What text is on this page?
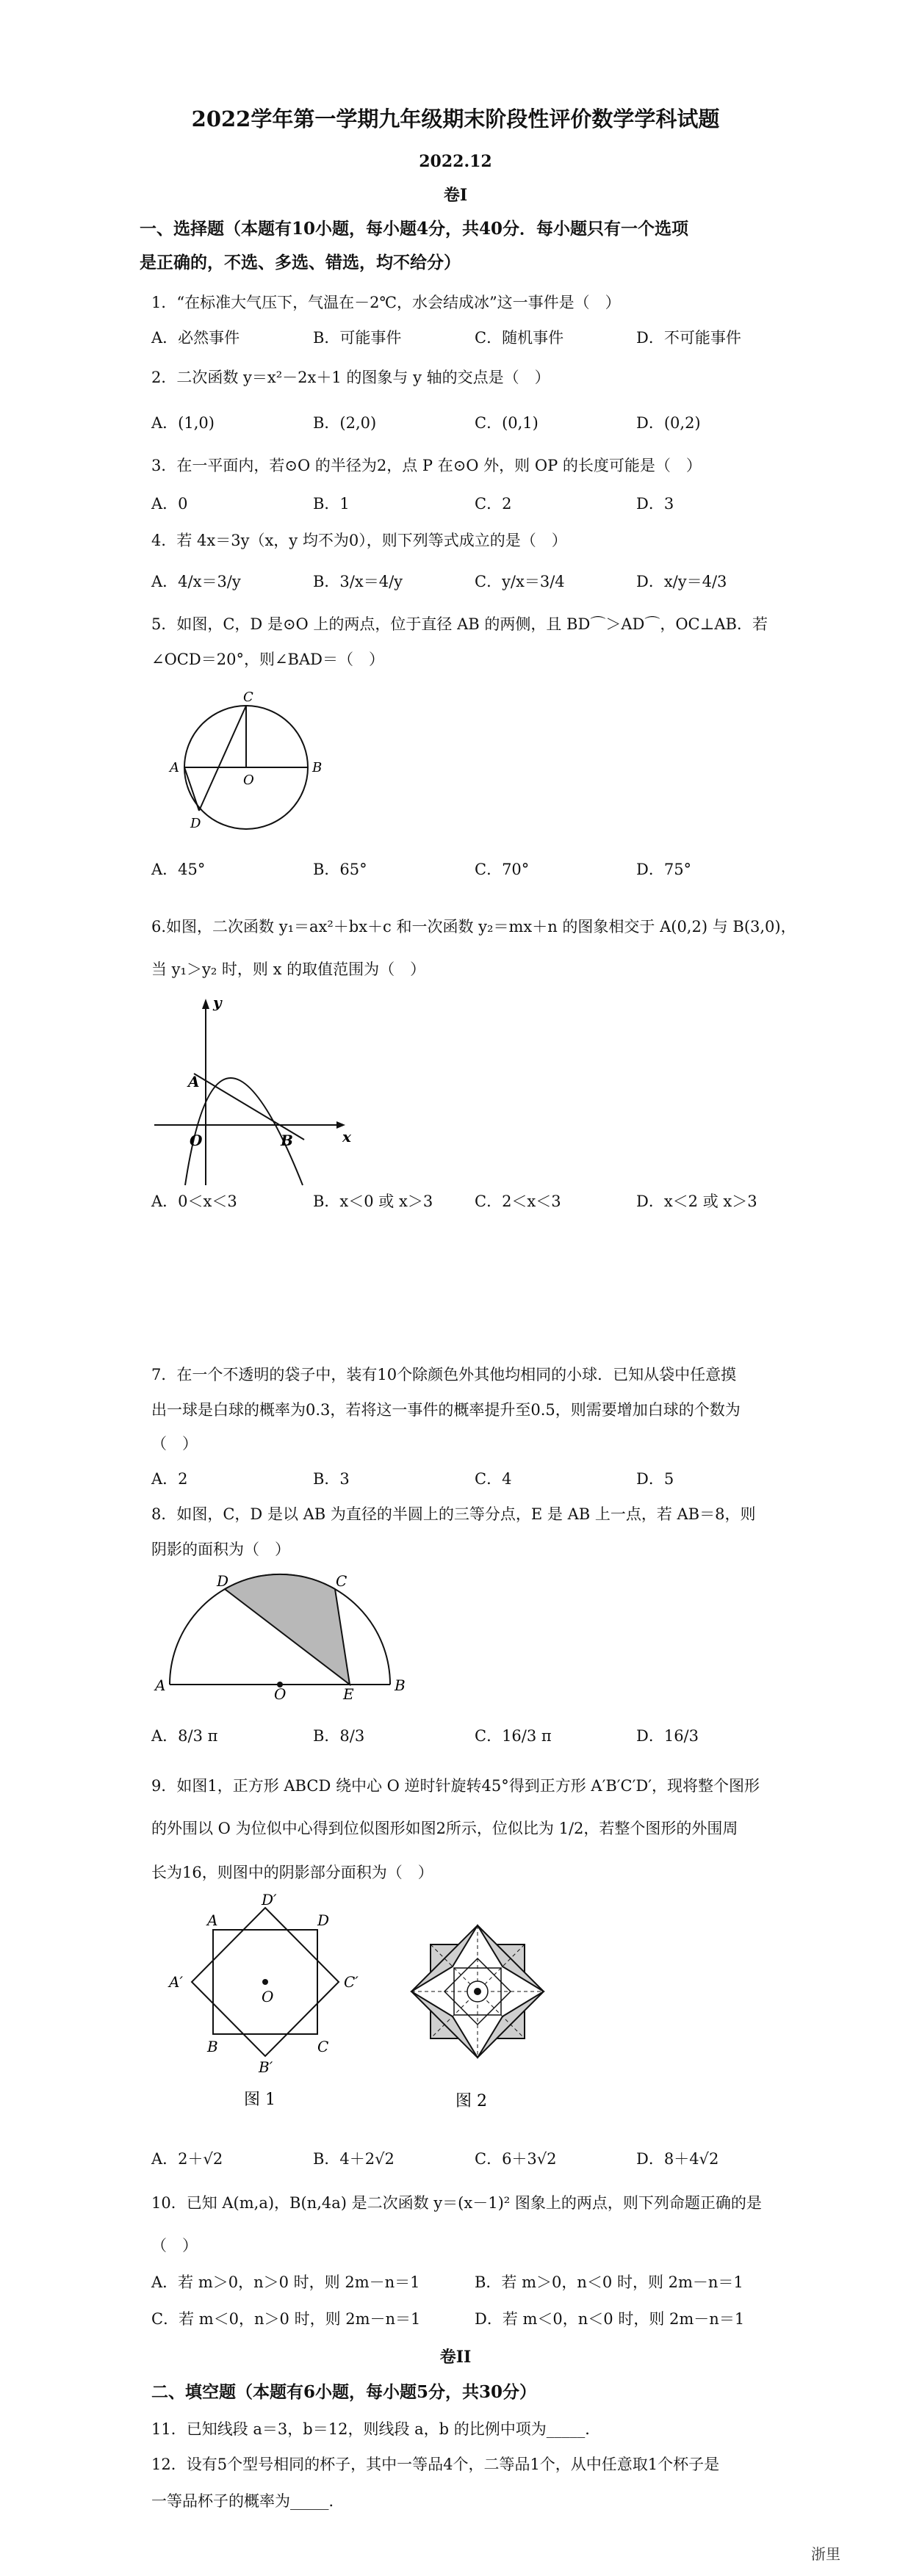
2022学年第一学期九年级期末阶段性评价数学学科试题
2022.12
卷I
一、选择题（本题有10小题，每小题4分，共40分．每小题只有一个选项
是正确的，不选、多选、错选，均不给分）
1．“在标准大气压下，气温在－2℃，水会结成冰”这一事件是（　）
A．必然事件	B．可能事件	C．随机事件	D．不可能事件
2．二次函数 y＝x²－2x＋1 的图象与 y 轴的交点是（　）
A．(1,0)	B．(2,0)	C．(0,1)	D．(0,2)
3．在一平面内，若⊙O 的半径为2，点 P 在⊙O 外，则 OP 的长度可能是（　）
A．0	B．1	C．2	D．3
4．若 4x＝3y（x，y 均不为0），则下列等式成立的是（　）
A．4/x＝3/y	B．3/x＝4/y	C．y/x＝3/4	D．x/y＝4/3
5．如图，C，D 是⊙O 上的两点，位于直径 AB 的两侧，且 BD⌒＞AD⌒，OC⊥AB．若
∠OCD＝20°，则∠BAD＝（　）
C
A	B
O
D
A．45°	B．65°	C．70°	D．75°
6.如图，二次函数 y₁＝ax²＋bx＋c 和一次函数 y₂＝mx＋n 的图象相交于 A(0,2) 与 B(3,0)，
当 y₁＞y₂ 时，则 x 的取值范围为（　）
y
x
A
O	B
A．0＜x＜3	B．x＜0 或 x＞3	C．2＜x＜3	D．x＜2 或 x＞3
7．在一个不透明的袋子中，装有10个除颜色外其他均相同的小球．已知从袋中任意摸
出一球是白球的概率为0.3，若将这一事件的概率提升至0.5，则需要增加白球的个数为
（　）
A．2	B．3	C．4	D．5
8．如图，C，D 是以 AB 为直径的半圆上的三等分点，E 是 AB 上一点，若 AB＝8，则
阴影的面积为（　）
D	C
A	O	E	B
A．8/3 π	B．8/3	C．16/3 π	D．16/3
9．如图1，正方形 ABCD 绕中心 O 逆时针旋转45°得到正方形 A′B′C′D′，现将整个图形
的外围以 O 为位似中心得到位似图形如图2所示，位似比为 1/2，若整个图形的外围周
长为16，则图中的阴影部分面积为（　）
A
D′
D
A′
O
C′
B	C
B′
图 1	图 2
A．2＋√2	B．4＋2√2	C．6＋3√2	D．8＋4√2
10．已知 A(m,a)，B(n,4a) 是二次函数 y＝(x－1)² 图象上的两点，则下列命题正确的是
（　）
A．若 m＞0，n＞0 时，则 2m－n＝1	B．若 m＞0，n＜0 时，则 2m－n＝1
C．若 m＜0，n＞0 时，则 2m－n＝1	D．若 m＜0，n＜0 时，则 2m－n＝1
卷II
二、填空题（本题有6小题，每小题5分，共30分）
11．已知线段 a＝3，b＝12，则线段 a，b 的比例中项为_____．
12．设有5个型号相同的杯子，其中一等品4个，二等品1个，从中任意取1个杯子是
一等品杯子的概率为_____．
浙里
